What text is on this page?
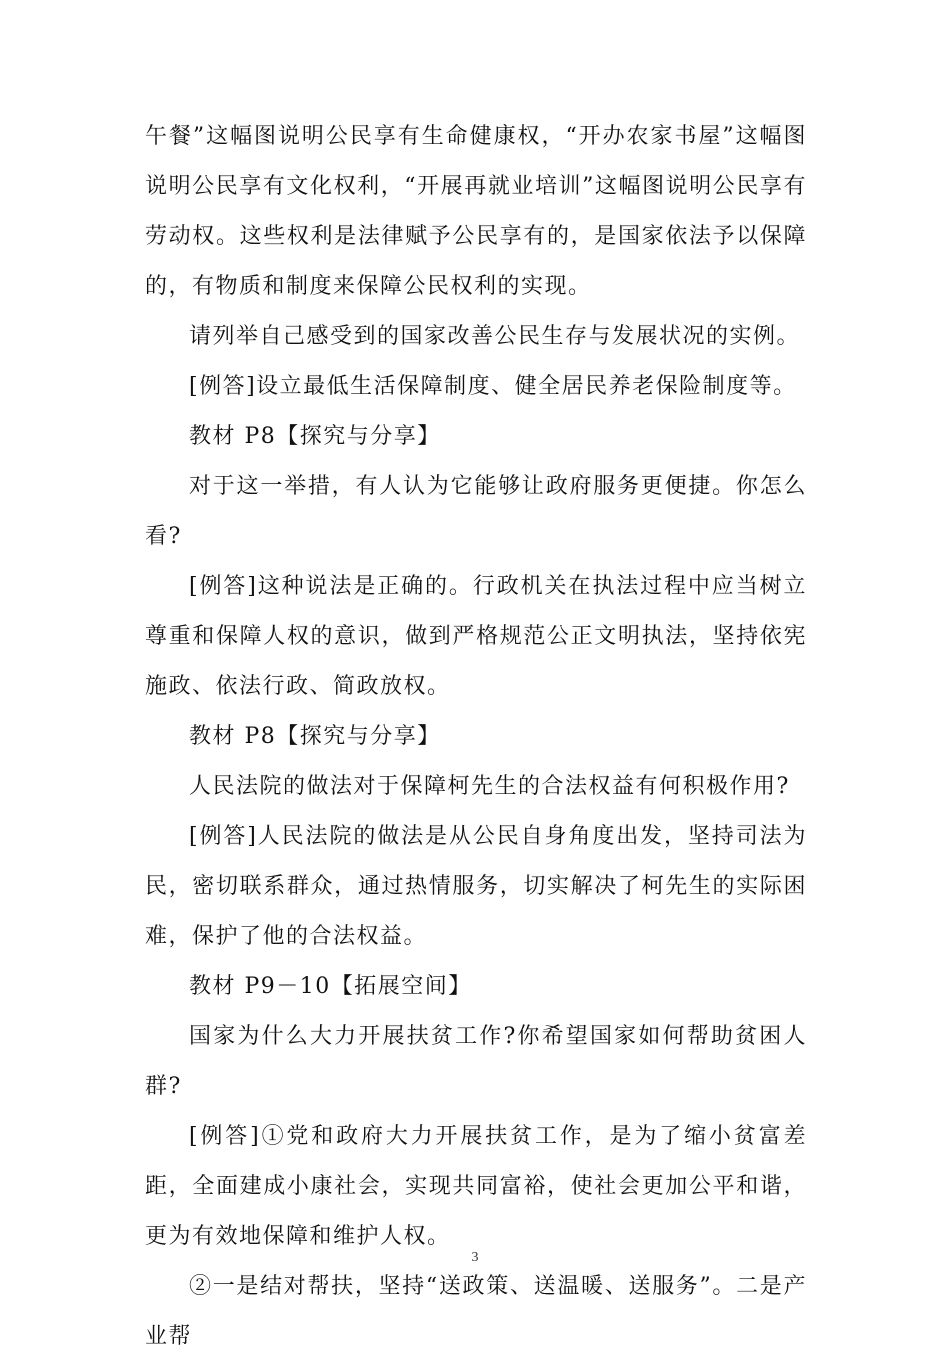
午餐”这幅图说明公民享有生命健康权，“开办农家书屋”这幅图说明公民享有文化权利，“开展再就业培训”这幅图说明公民享有劳动权。这些权利是法律赋予公民享有的，是国家依法予以保障的，有物质和制度来保障公民权利的实现。

请列举自己感受到的国家改善公民生存与发展状况的实例。

[例答]设立最低生活保障制度、健全居民养老保险制度等。

教材 P8【探究与分享】

对于这一举措，有人认为它能够让政府服务更便捷。你怎么看?

[例答]这种说法是正确的。行政机关在执法过程中应当树立尊重和保障人权的意识，做到严格规范公正文明执法，坚持依宪施政、依法行政、简政放权。

教材 P8【探究与分享】

人民法院的做法对于保障柯先生的合法权益有何积极作用?

[例答]人民法院的做法是从公民自身角度出发，坚持司法为民，密切联系群众，通过热情服务，切实解决了柯先生的实际困难，保护了他的合法权益。

教材 P9－10【拓展空间】

国家为什么大力开展扶贫工作?你希望国家如何帮助贫困人群?

[例答]①党和政府大力开展扶贫工作，是为了缩小贫富差距，全面建成小康社会，实现共同富裕，使社会更加公平和谐，更为有效地保障和维护人权。

②一是结对帮扶，坚持“送政策、送温暖、送服务”。二是产业帮

3
